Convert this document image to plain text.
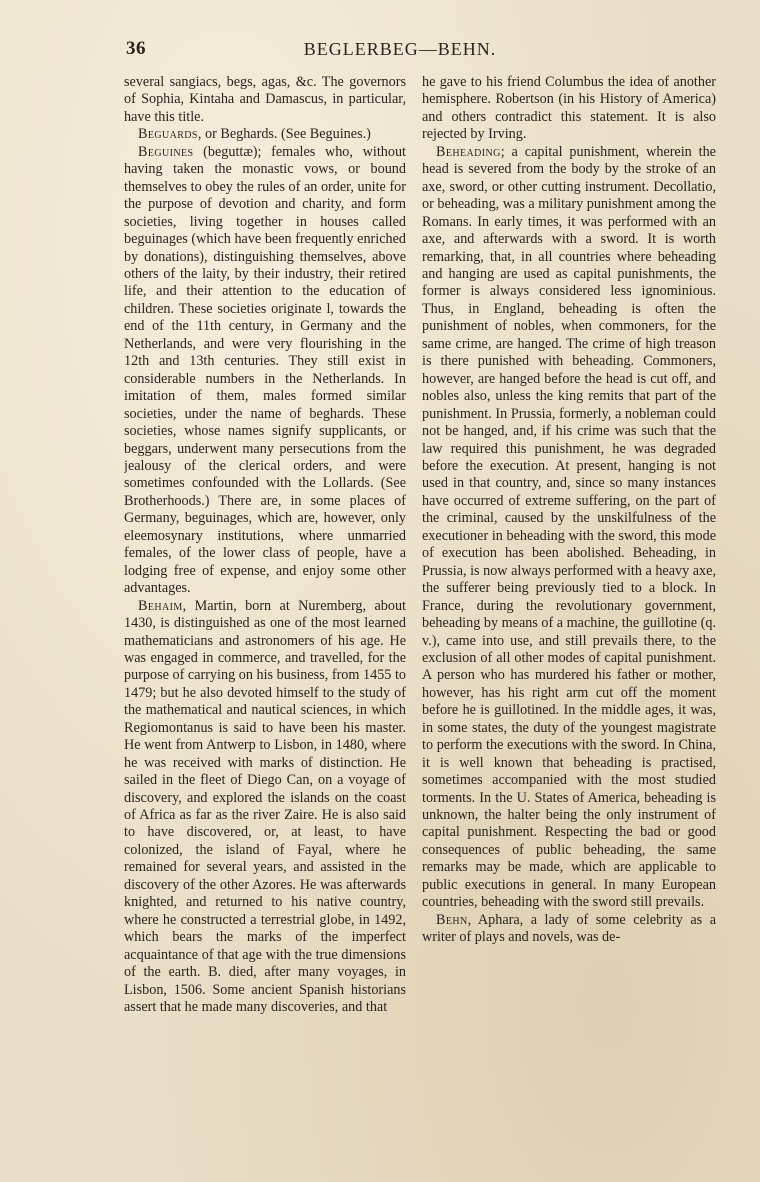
36	BEGLERBEG—BEHN.

several sangiacs, begs, agas, &c. The governors of Sophia, Kintaha and Damascus, in particular, have this title.

Beguards, or Beghards. (See Beguines.)

Beguines (beguttæ); females who, without having taken the monastic vows, or bound themselves to obey the rules of an order, unite for the purpose of devotion and charity, and form societies, living together in houses called beguinages (which have been frequently enriched by donations), distinguishing themselves, above others of the laity, by their industry, their retired life, and their attention to the education of children. These societies originate l, towards the end of the 11th century, in Germany and the Netherlands, and were very flourishing in the 12th and 13th centuries. They still exist in considerable numbers in the Netherlands. In imitation of them, males formed similar societies, under the name of beghards. These societies, whose names signify supplicants, or beggars, underwent many persecutions from the jealousy of the clerical orders, and were sometimes confounded with the Lollards. (See Brotherhoods.) There are, in some places of Germany, beguinages, which are, however, only eleemosynary institutions, where unmarried females, of the lower class of people, have a lodging free of expense, and enjoy some other advantages.

Behaim, Martin, born at Nuremberg, about 1430, is distinguished as one of the most learned mathematicians and astronomers of his age. He was engaged in commerce, and travelled, for the purpose of carrying on his business, from 1455 to 1479; but he also devoted himself to the study of the mathematical and nautical sciences, in which Regiomontanus is said to have been his master. He went from Antwerp to Lisbon, in 1480, where he was received with marks of distinction. He sailed in the fleet of Diego Can, on a voyage of discovery, and explored the islands on the coast of Africa as far as the river Zaire. He is also said to have discovered, or, at least, to have colonized, the island of Fayal, where he remained for several years, and assisted in the discovery of the other Azores. He was afterwards knighted, and returned to his native country, where he constructed a terrestrial globe, in 1492, which bears the marks of the imperfect acquaintance of that age with the true dimensions of the earth. B. died, after many voyages, in Lisbon, 1506. Some ancient Spanish historians assert that he made many discoveries, and that

he gave to his friend Columbus the idea of another hemisphere. Robertson (in his History of America) and others contradict this statement. It is also rejected by Irving.

Beheading; a capital punishment, wherein the head is severed from the body by the stroke of an axe, sword, or other cutting instrument. Decollatio, or beheading, was a military punishment among the Romans. In early times, it was performed with an axe, and afterwards with a sword. It is worth remarking, that, in all countries where beheading and hanging are used as capital punishments, the former is always considered less ignominious. Thus, in England, beheading is often the punishment of nobles, when commoners, for the same crime, are hanged. The crime of high treason is there punished with beheading. Commoners, however, are hanged before the head is cut off, and nobles also, unless the king remits that part of the punishment. In Prussia, formerly, a nobleman could not be hanged, and, if his crime was such that the law required this punishment, he was degraded before the execution. At present, hanging is not used in that country, and, since so many instances have occurred of extreme suffering, on the part of the criminal, caused by the unskilfulness of the executioner in beheading with the sword, this mode of execution has been abolished. Beheading, in Prussia, is now always performed with a heavy axe, the sufferer being previously tied to a block. In France, during the revolutionary government, beheading by means of a machine, the guillotine (q. v.), came into use, and still prevails there, to the exclusion of all other modes of capital punishment. A person who has murdered his father or mother, however, has his right arm cut off the moment before he is guillotined. In the middle ages, it was, in some states, the duty of the youngest magistrate to perform the executions with the sword. In China, it is well known that beheading is practised, sometimes accompanied with the most studied torments. In the U. States of America, beheading is unknown, the halter being the only instrument of capital punishment. Respecting the bad or good consequences of public beheading, the same remarks may be made, which are applicable to public executions in general. In many European countries, beheading with the sword still prevails.

Behn, Aphara, a lady of some celebrity as a writer of plays and novels, was de-
